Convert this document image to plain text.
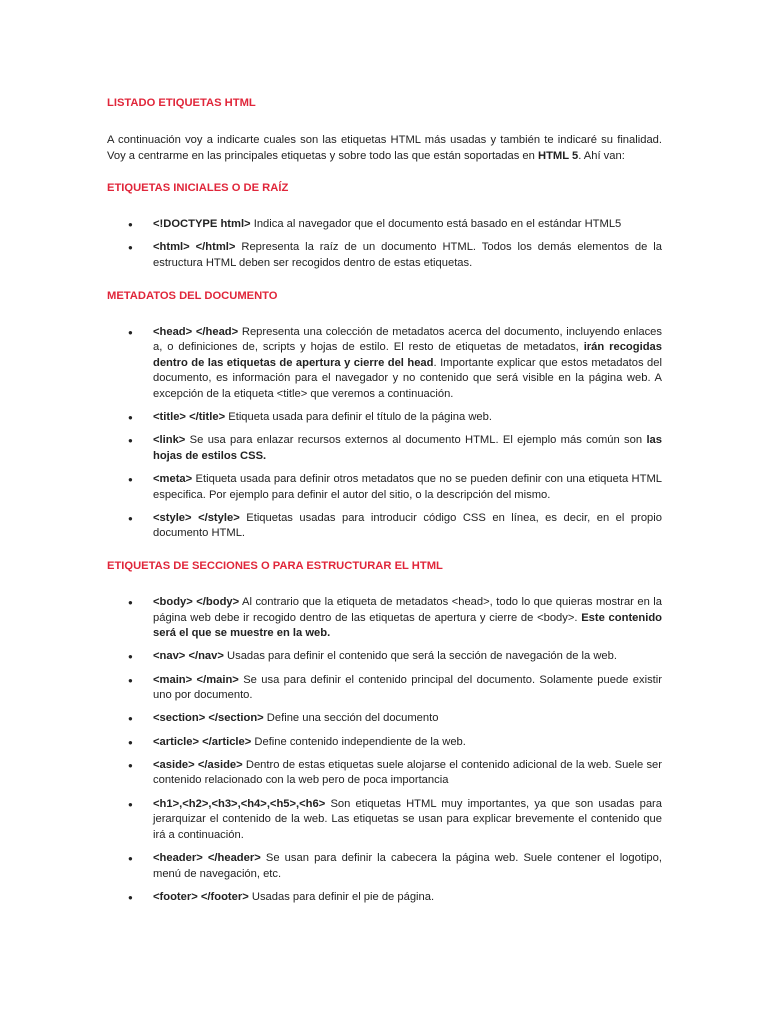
LISTADO ETIQUETAS HTML

A continuación voy a indicarte cuales son las etiquetas HTML más usadas y también te indicaré su finalidad. Voy a centrarme en las principales etiquetas y sobre todo las que están soportadas en HTML 5. Ahí van:

ETIQUETAS INICIALES O DE RAÍZ
● <!DOCTYPE html> Indica al navegador que el documento está basado en el estándar HTML5
● <html> </html> Representa la raíz de un documento HTML. Todos los demás elementos de la estructura HTML deben ser recogidos dentro de estas etiquetas.
METADATOS DEL DOCUMENTO
● <head> </head> Representa una colección de metadatos acerca del documento, incluyendo enlaces a, o definiciones de, scripts y hojas de estilo. El resto de etiquetas de metadatos, irán recogidas dentro de las etiquetas de apertura y cierre del head. Importante explicar que estos metadatos del documento, es información para el navegador y no contenido que será visible en la página web. A excepción de la etiqueta <title> que veremos a continuación.
● <title> </title> Etiqueta usada para definir el título de la página web.
● <link> Se usa para enlazar recursos externos al documento HTML. El ejemplo más común son las hojas de estilos CSS.
● <meta> Etiqueta usada para definir otros metadatos que no se pueden definir con una etiqueta HTML especifica. Por ejemplo para definir el autor del sitio, o la descripción del mismo.
● <style> </style> Etiquetas usadas para introducir código CSS en línea, es decir, en el propio documento HTML.
ETIQUETAS DE SECCIONES O PARA ESTRUCTURAR EL HTML
● <body> </body> Al contrario que la etiqueta de metadatos <head>, todo lo que quieras mostrar en la página web debe ir recogido dentro de las etiquetas de apertura y cierre de <body>. Este contenido será el que se muestre en la web.
● <nav> </nav> Usadas para definir el contenido que será la sección de navegación de la web.
● <main> </main> Se usa para definir el contenido principal del documento. Solamente puede existir uno por documento.
● <section> </section> Define una sección del documento
● <article> </article> Define contenido independiente de la web.
● <aside> </aside> Dentro de estas etiquetas suele alojarse el contenido adicional de la web. Suele ser contenido relacionado con la web pero de poca importancia
● <h1>,<h2>,<h3>,<h4>,<h5>,<h6> Son etiquetas HTML muy importantes, ya que son usadas para jerarquizar el contenido de la web. Las etiquetas se usan para explicar brevemente el contenido que irá a continuación.
● <header> </header> Se usan para definir la cabecera la página web. Suele contener el logotipo, menú de navegación, etc.
● <footer> </footer> Usadas para definir el pie de página.
